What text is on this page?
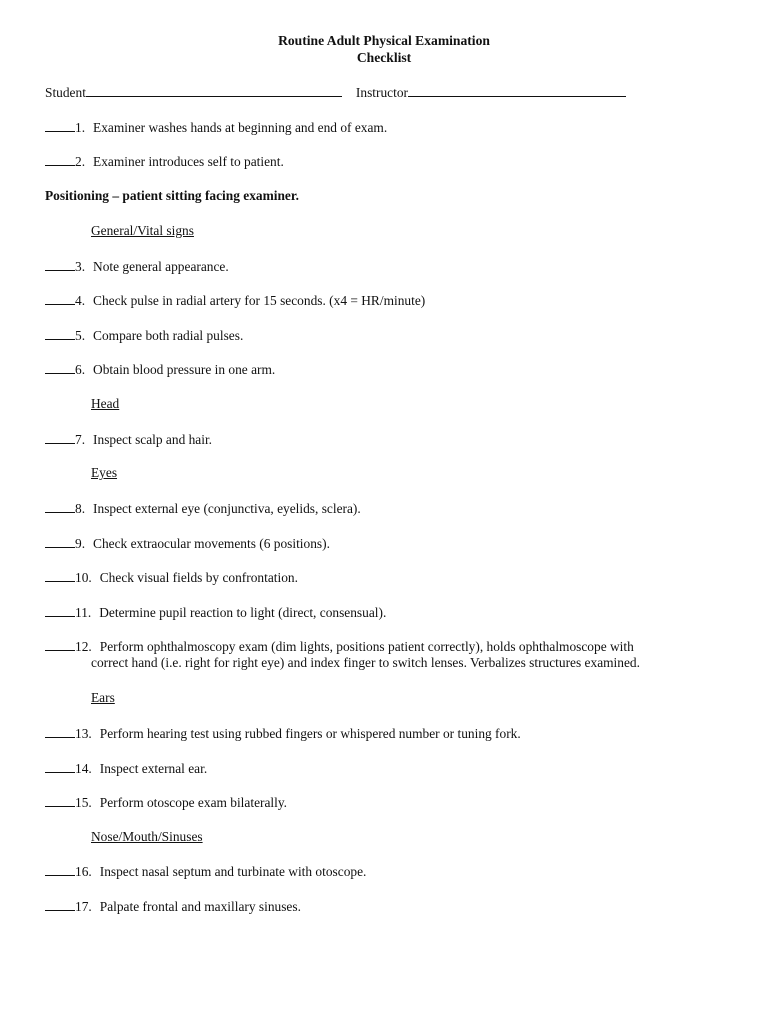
Routine Adult Physical Examination
Checklist
Student	Instructor
1. Examiner washes hands at beginning and end of exam.
2. Examiner introduces self to patient.
Positioning – patient sitting facing examiner.
General/Vital signs
3. Note general appearance.
4. Check pulse in radial artery for 15 seconds. (x4 = HR/minute)
5. Compare both radial pulses.
6. Obtain blood pressure in one arm.
Head
7. Inspect scalp and hair.
Eyes
8. Inspect external eye (conjunctiva, eyelids, sclera).
9. Check extraocular movements (6 positions).
10. Check visual fields by confrontation.
11. Determine pupil reaction to light (direct, consensual).
12. Perform ophthalmoscopy exam (dim lights, positions patient correctly), holds ophthalmoscope with
correct hand (i.e. right for right eye) and index finger to switch lenses. Verbalizes structures examined.
Ears
13. Perform hearing test using rubbed fingers or whispered number or tuning fork.
14. Inspect external ear.
15. Perform otoscope exam bilaterally.
Nose/Mouth/Sinuses
16. Inspect nasal septum and turbinate with otoscope.
17. Palpate frontal and maxillary sinuses.
